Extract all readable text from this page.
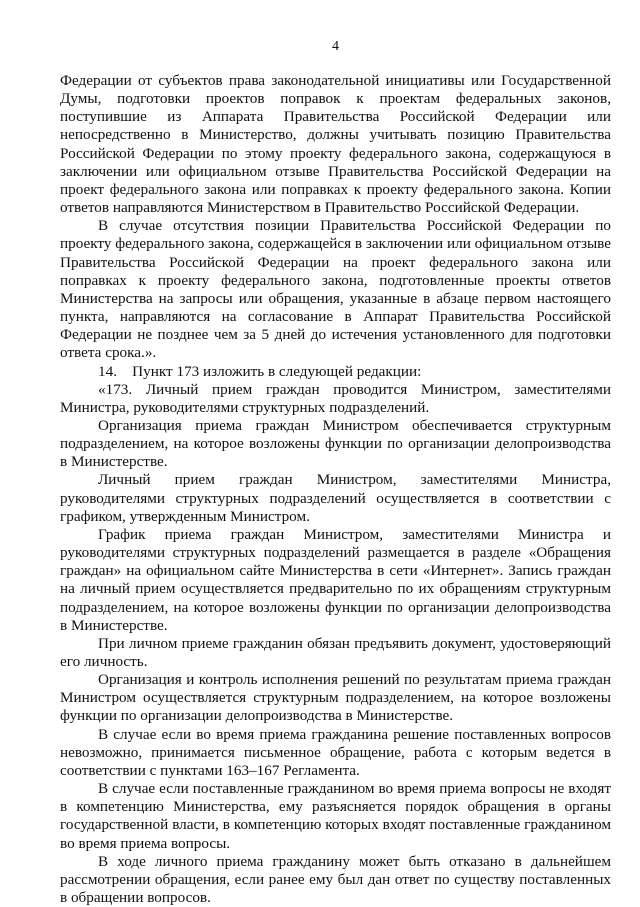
4

Федерации от субъектов права законодательной инициативы или Государственной Думы, подготовки проектов поправок к проектам федеральных законов, поступившие из Аппарата Правительства Российской Федерации или непосредственно в Министерство, должны учитывать позицию Правительства Российской Федерации по этому проекту федерального закона, содержащуюся в заключении или официальном отзыве Правительства Российской Федерации на проект федерального закона или поправках к проекту федерального закона. Копии ответов направляются Министерством в Правительство Российской Федерации.

В случае отсутствия позиции Правительства Российской Федерации по проекту федерального закона, содержащейся в заключении или официальном отзыве Правительства Российской Федерации на проект федерального закона или поправках к проекту федерального закона, подготовленные проекты ответов Министерства на запросы или обращения, указанные в абзаце первом настоящего пункта, направляются на согласование в Аппарат Правительства Российской Федерации не позднее чем за 5 дней до истечения установленного для подготовки ответа срока.».

14.    Пункт 173 изложить в следующей редакции:

«173. Личный прием граждан проводится Министром, заместителями Министра, руководителями структурных подразделений.

Организация приема граждан Министром обеспечивается структурным подразделением, на которое возложены функции по организации делопроизводства в Министерстве.

Личный прием граждан Министром, заместителями Министра, руководителями структурных подразделений осуществляется в соответствии с графиком, утвержденным Министром.

График приема граждан Министром, заместителями Министра и руководителями структурных подразделений размещается в разделе «Обращения граждан» на официальном сайте Министерства в сети «Интернет». Запись граждан на личный прием осуществляется предварительно по их обращениям структурным подразделением, на которое возложены функции по организации делопроизводства в Министерстве.

При личном приеме гражданин обязан предъявить документ, удостоверяющий его личность.

Организация и контроль исполнения решений по результатам приема граждан Министром осуществляется структурным подразделением, на которое возложены функции по организации делопроизводства в Министерстве.

В случае если во время приема гражданина решение поставленных вопросов невозможно, принимается письменное обращение, работа с которым ведется в соответствии с пунктами 163–167 Регламента.

В случае если поставленные гражданином во время приема вопросы не входят в компетенцию Министерства, ему разъясняется порядок обращения в органы государственной власти, в компетенцию которых входят поставленные гражданином во время приема вопросы.

В ходе личного приема гражданину может быть отказано в дальнейшем рассмотрении обращения, если ранее ему был дан ответ по существу поставленных в обращении вопросов.
